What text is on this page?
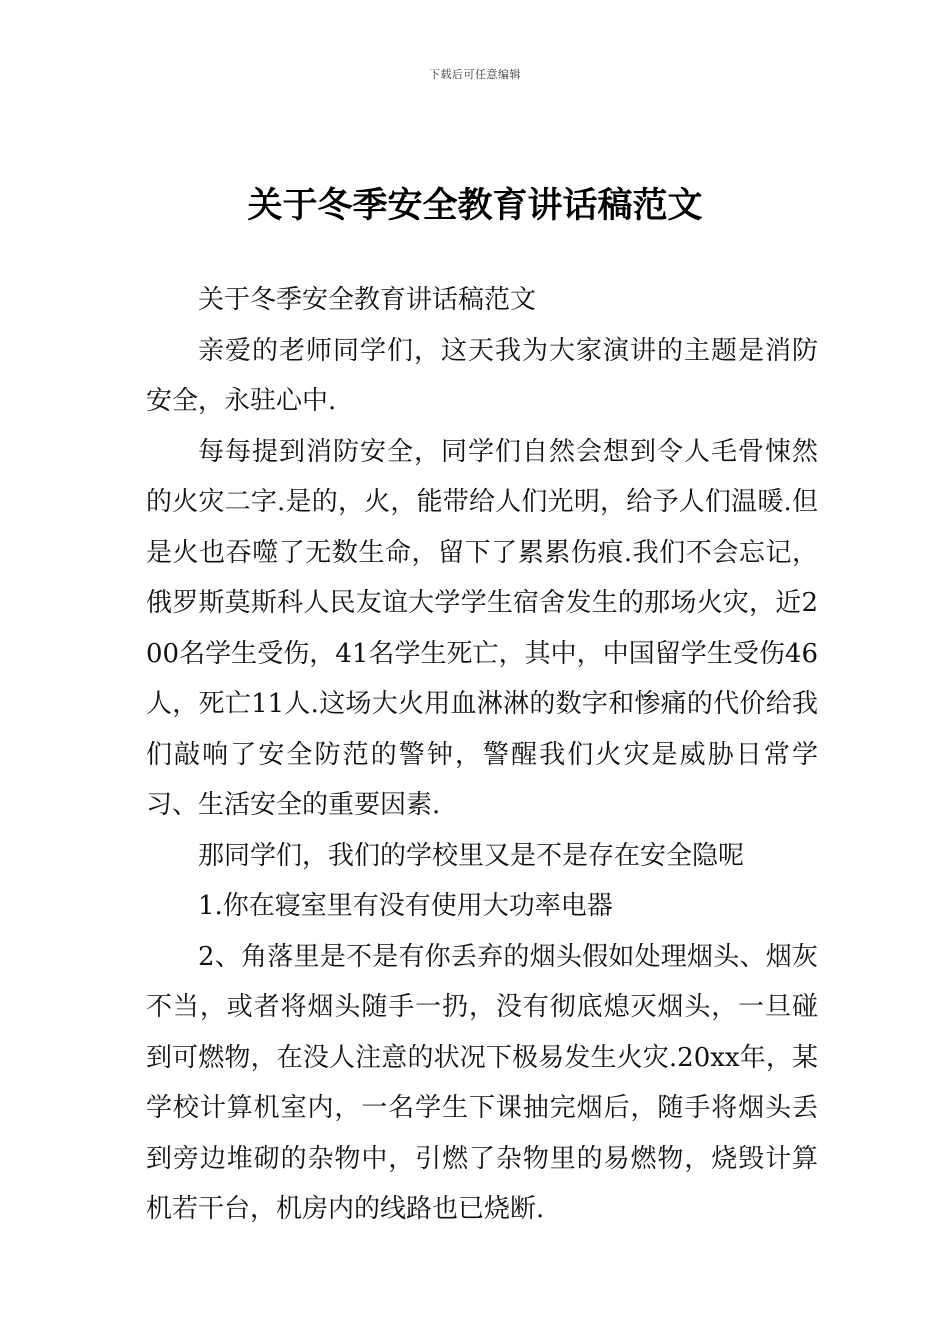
下载后可任意编辑
关于冬季安全教育讲话稿范文

关于冬季安全教育讲话稿范文

亲爱的老师同学们，这天我为大家演讲的主题是消防安全，永驻心中.

每每提到消防安全，同学们自然会想到令人毛骨悚然的火灾二字.是的，火，能带给人们光明，给予人们温暖.但是火也吞噬了无数生命，留下了累累伤痕.我们不会忘记，俄罗斯莫斯科人民友谊大学学生宿舍发生的那场火灾，近200名学生受伤，41名学生死亡，其中，中国留学生受伤46人，死亡11人.这场大火用血淋淋的数字和惨痛的代价给我们敲响了安全防范的警钟，警醒我们火灾是威胁日常学习、生活安全的重要因素.

那同学们，我们的学校里又是不是存在安全隐呢

1.你在寝室里有没有使用大功率电器

2、角落里是不是有你丢弃的烟头假如处理烟头、烟灰不当，或者将烟头随手一扔，没有彻底熄灭烟头，一旦碰到可燃物，在没人注意的状况下极易发生火灾.20xx年，某学校计算机室内，一名学生下课抽完烟后，随手将烟头丢到旁边堆砌的杂物中，引燃了杂物里的易燃物，烧毁计算机若干台，机房内的线路也已烧断.
